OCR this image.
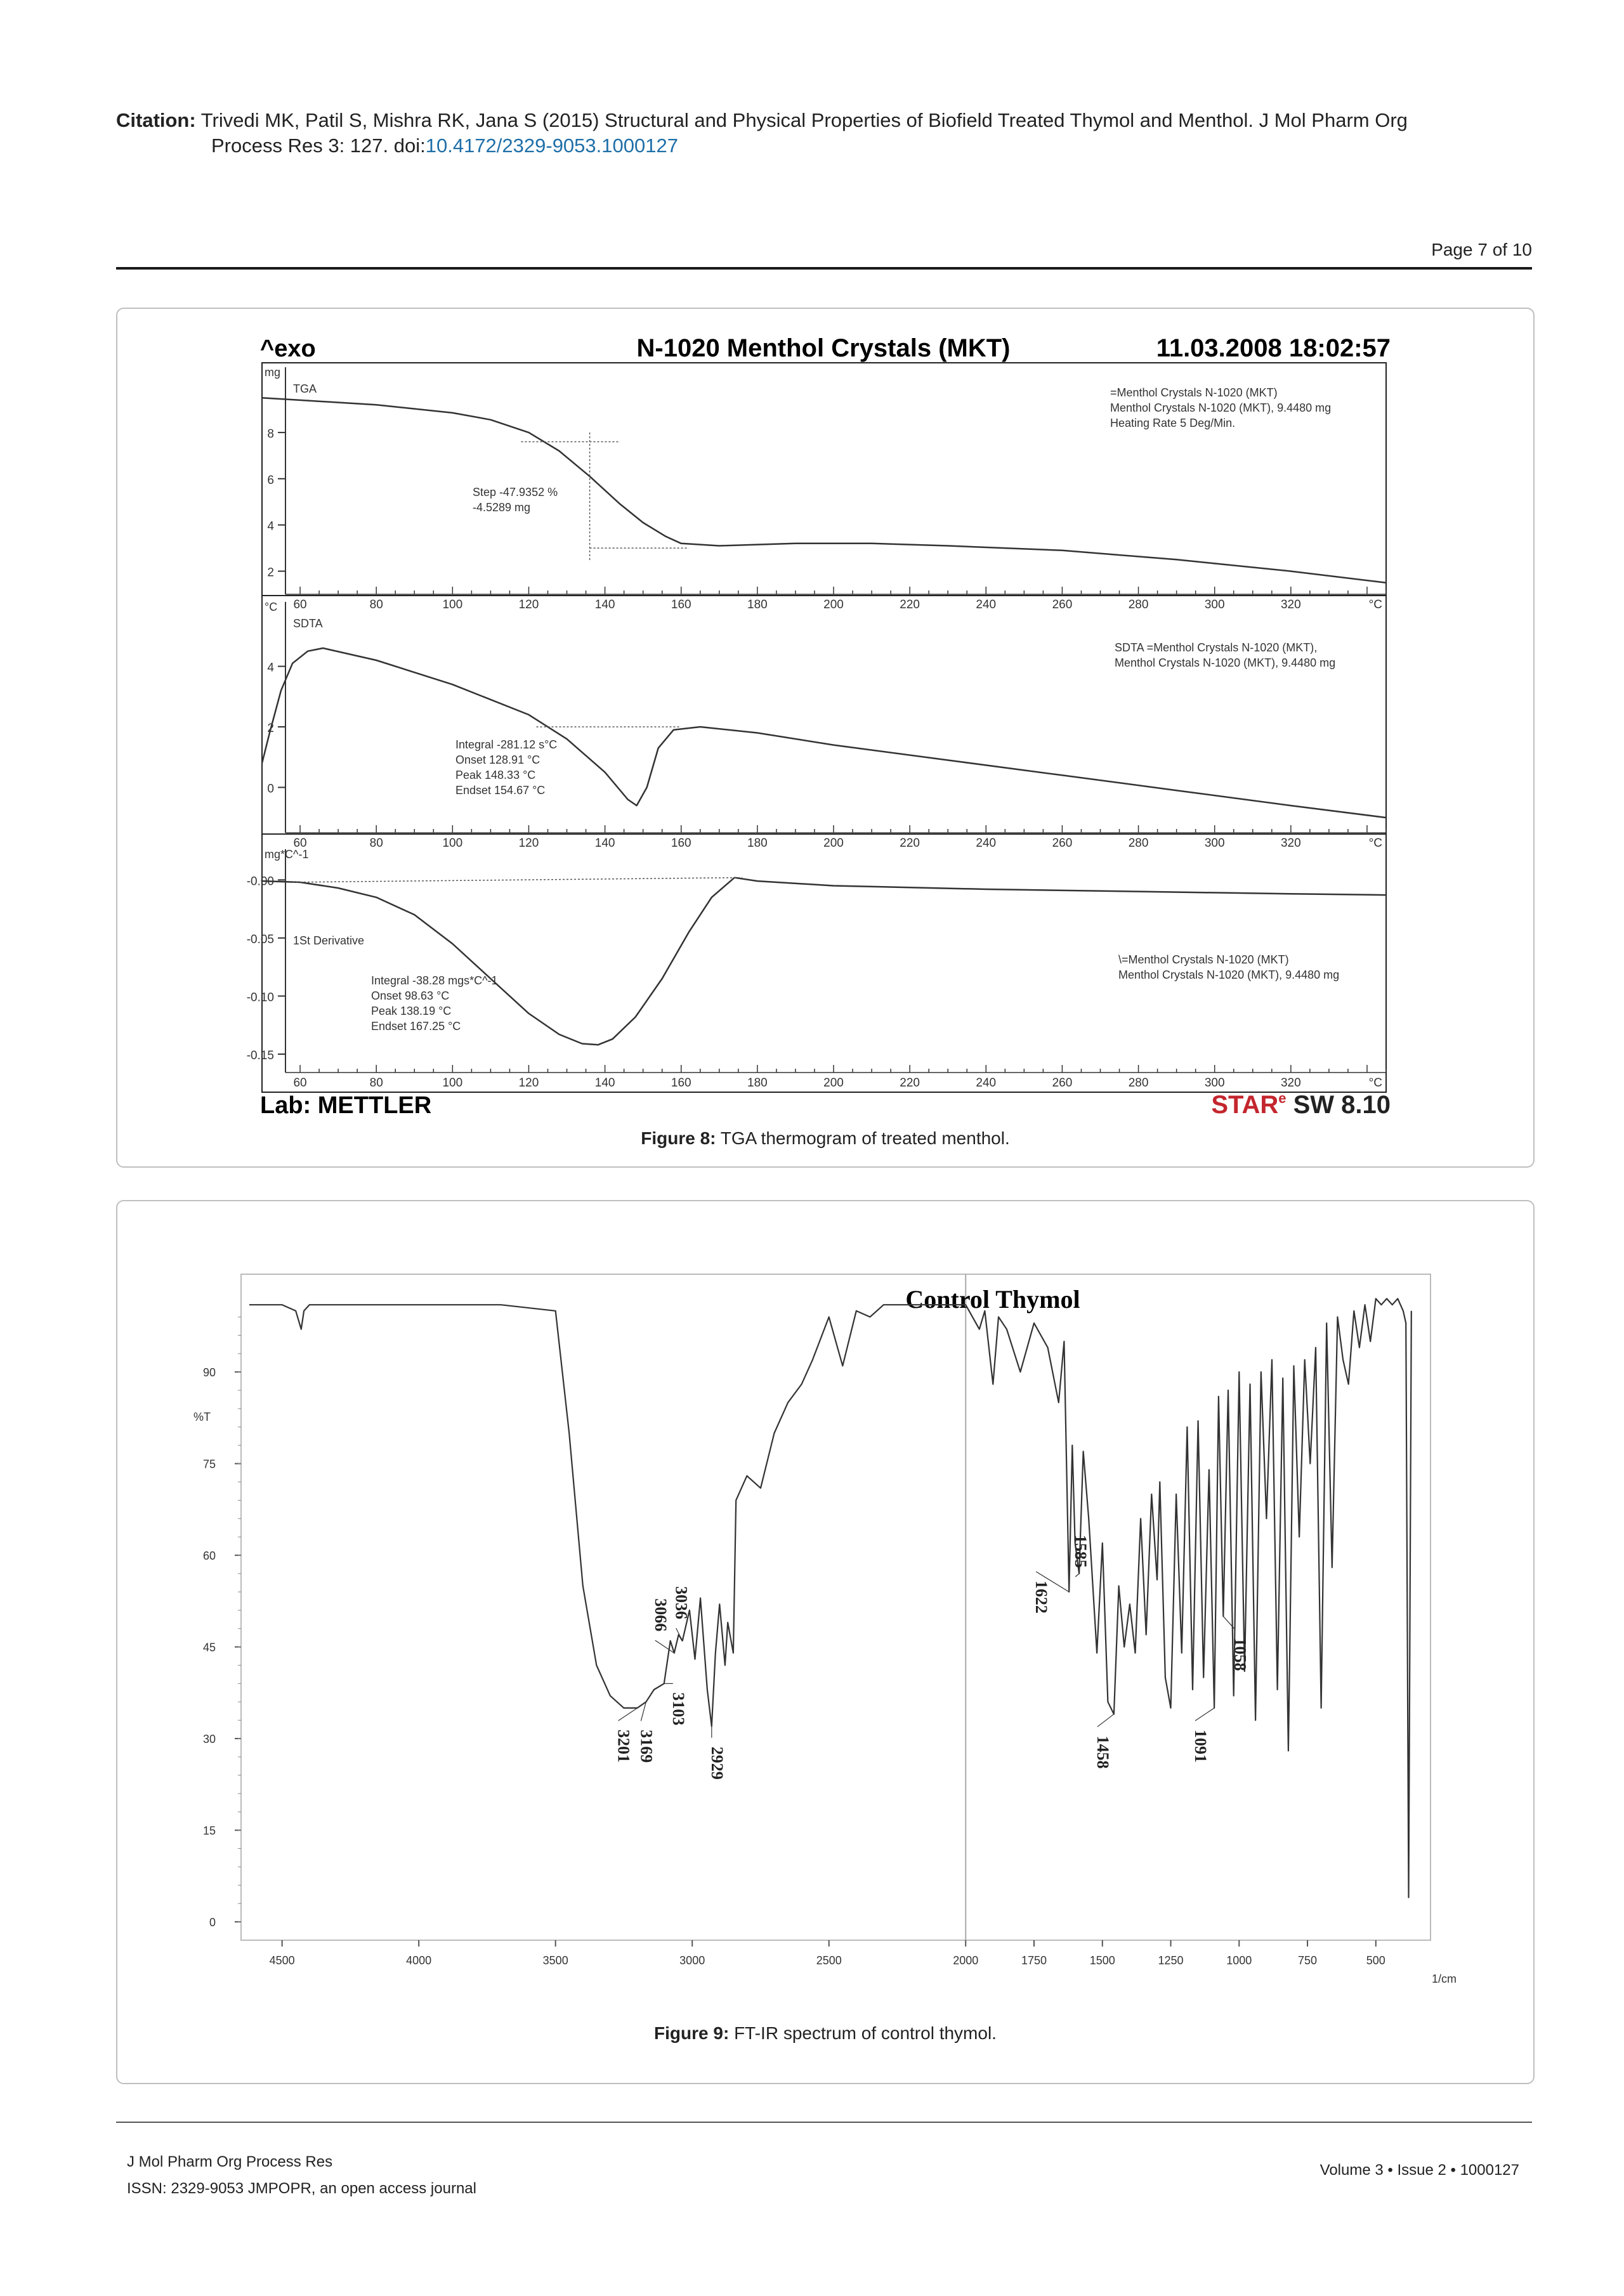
Citation: Trivedi MK, Patil S, Mishra RK, Jana S (2015) Structural and Physical Properties of Biofield Treated Thymol and Menthol. J Mol Pharm Org
Process Res 3: 127. doi:10.4172/2329-9053.1000127
Page 7 of 10
^exo	N-1020 Menthol Crystals (MKT)	11.03.2008 18:02:57
Lab: METTLER	STAR$^e$ SW 8.10
2
4
6
8
mg
60	80	100	120	140	160	180	200	220	240	260	280	300	320	°C
TGA	=Menthol Crystals N-1020 (MKT)
Menthol Crystals N-1020 (MKT), 9.4480 mg
Heating Rate 5 Deg/Min.
Step -47.9352 %
-4.5289 mg
0
2
4
°C
60	80	100	120	140	160	180	200	220	240	260	280	300	320	°C
SDTA
SDTA =Menthol Crystals N-1020 (MKT),
Menthol Crystals N-1020 (MKT), 9.4480 mg
Integral -281.12 s°C
Onset 128.91 °C
Peak 148.33 °C
Endset 154.67 °C
-0.00
-0.05
-0.10
-0.15
mg*C^-1
60	80	100	120	140	160	180	200	220	240	260	280	300	320	°C
1St Derivative
\=Menthol Crystals N-1020 (MKT)
Menthol Crystals N-1020 (MKT), 9.4480 mg
Integral -38.28 mgs*C^-1
Onset 98.63 °C
Peak 138.19 °C
Endset 167.25 °C
Figure 8: TGA thermogram of treated menthol.
Control Thymol
%T
1/cm
0
15
30
45
60
75
90
4500	4000	3500	3000	2500	2000	1750	1500	1250	1000	750	500
3201 3169
3103
3066 3036
2929
1622
1585
1458	1091
1058
Figure 9: FT-IR spectrum of control thymol.
J Mol Pharm Org Process Res
ISSN: 2329-9053 JMPOPR, an open access journal
Volume 3 • Issue 2 • 1000127
